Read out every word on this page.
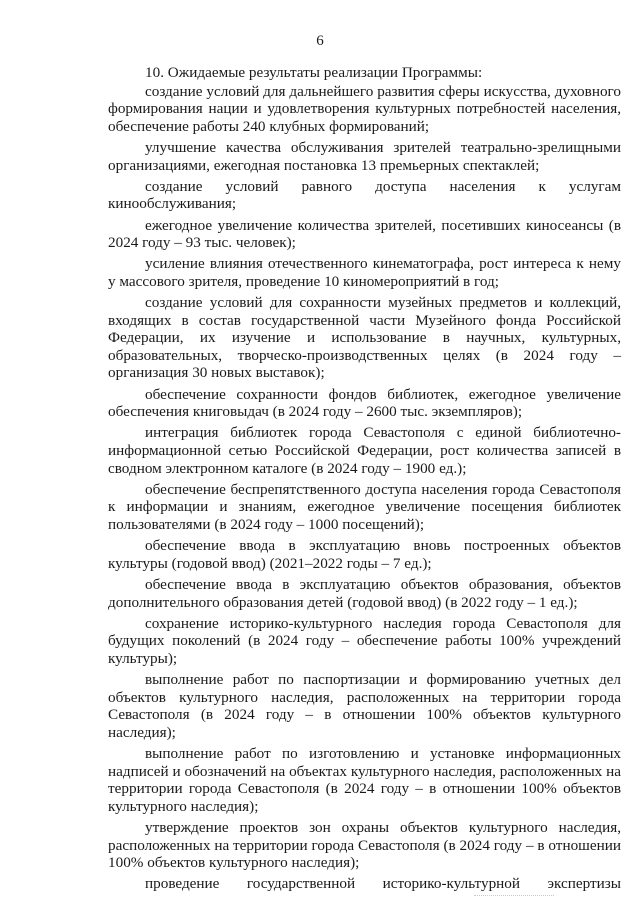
6

10. Ожидаемые результаты реализации Программы:

создание условий для дальнейшего развития сферы искусства, духовного формирования нации и удовлетворения культурных потребностей населения, обеспечение работы 240 клубных формирований;

улучшение качества обслуживания зрителей театрально-зрелищными организациями, ежегодная постановка 13 премьерных спектаклей;

создание условий равного доступа населения к услугам кинообслуживания;

ежегодное увеличение количества зрителей, посетивших киносеансы (в 2024 году – 93 тыс. человек);

усиление влияния отечественного кинематографа, рост интереса к нему у массового зрителя, проведение 10 киномероприятий в год;

создание условий для сохранности музейных предметов и коллекций, входящих в состав государственной части Музейного фонда Российской Федерации, их изучение и использование в научных, культурных, образовательных, творческо-производственных целях (в 2024 году – организация 30 новых выставок);

обеспечение сохранности фондов библиотек, ежегодное увеличение обеспечения книговыдач (в 2024 году – 2600 тыс. экземпляров);

интеграция библиотек города Севастополя с единой библиотечно-информационной сетью Российской Федерации, рост количества записей в сводном электронном каталоге (в 2024 году – 1900 ед.);

обеспечение беспрепятственного доступа населения города Севастополя к информации и знаниям, ежегодное увеличение посещения библиотек пользователями (в 2024 году – 1000 посещений);

обеспечение ввода в эксплуатацию вновь построенных объектов культуры (годовой ввод) (2021–2022 годы – 7 ед.);

обеспечение ввода в эксплуатацию объектов образования, объектов дополнительного образования детей (годовой ввод) (в 2022 году – 1 ед.);

сохранение историко-культурного наследия города Севастополя для будущих поколений (в 2024 году – обеспечение работы 100% учреждений культуры);

выполнение работ по паспортизации и формированию учетных дел объектов культурного наследия, расположенных на территории города Севастополя (в 2024 году – в отношении 100% объектов культурного наследия);

выполнение работ по изготовлению и установке информационных надписей и обозначений на объектах культурного наследия, расположенных на территории города Севастополя (в 2024 году – в отношении 100% объектов культурного наследия);

утверждение проектов зон охраны объектов культурного наследия, расположенных на территории города Севастополя (в 2024 году – в отношении 100% объектов культурного наследия);

проведение государственной историко-культурной экспертизы
